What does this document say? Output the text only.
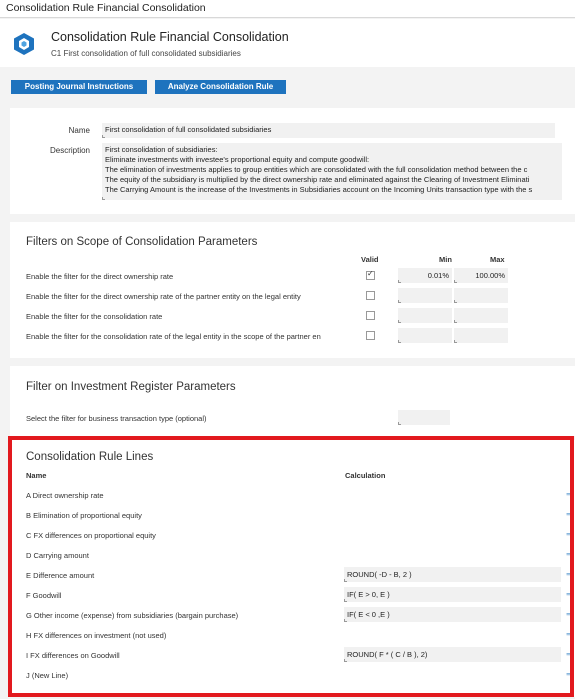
Consolidation Rule Financial Consolidation
Consolidation Rule Financial Consolidation
C1 First consolidation of full consolidated subsidiaries
Posting Journal Instructions	Analyze Consolidation Rule
Name	First consolidation of full consolidated subsidiaries
Description First consolidation of subsidiaries:
Eliminate investments with investee's proportional equity and compute goodwill:
The elimination of investments applies to group entities which are consolidated with the full consolidation method between the c
The equity of the subsidiary is multiplied by the direct ownership rate and eliminated against the Clearing of Investment Eliminati
The Carrying Amount is the increase of the Investments in Subsidiaries account on the Incoming Units transaction type with the s
Filters on Scope of Consolidation Parameters
Valid	Min	Max
Enable the filter for the direct ownership rate
✓	0.01%	100.00%
Enable the filter for the direct ownership rate of the partner entity on the legal entity
Enable the filter for the consolidation rate
Enable the filter for the consolidation rate of the legal entity in the scope of the partner en
Filter on Investment Register Parameters
Select the filter for business transaction type (optional)
Consolidation Rule Lines
Name	Calculation
A Direct ownership rate	⇒
B Elimination of proportional equity	⇒
C FX differences on proportional equity	⇒
D Carrying amount	⇒
E Difference amount	ROUND( -D - B, 2 )	⇒
F Goodwill	IF( E > 0, E )	⇒
G Other income (expense) from subsidiaries (bargain purchase)	IF( E < 0 ,E )	⇒
H FX differences on investment (not used)	⇒
I FX differences on Goodwill	ROUND( F * ( C / B ), 2)	⇒
J (New Line)	⇒
